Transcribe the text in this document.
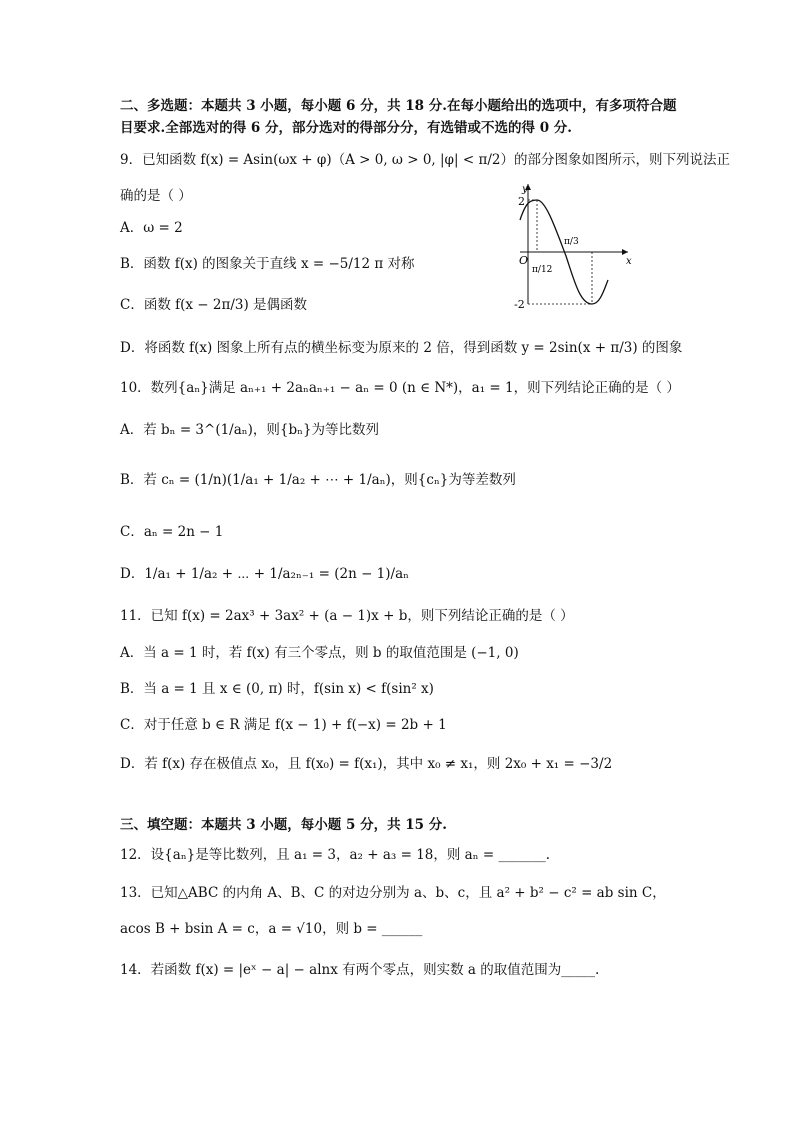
二、多选题：本题共 3 小题，每小题 6 分，共 18 分.在每小题给出的选项中，有多项符合题
目要求.全部选对的得 6 分，部分选对的得部分分，有选错或不选的得 0 分.
9．已知函数 f(x) = Asin(ωx + φ)（A > 0, ω > 0, |φ| < π/2）的部分图象如图所示，则下列说法正
确的是（ ）
A．ω = 2
B．函数 f(x) 的图象关于直线 x = −5/12 π 对称
C．函数 f(x − 2π/3) 是偶函数
D．将函数 f(x) 图象上所有点的横坐标变为原来的 2 倍，得到函数 y = 2sin(x + π/3) 的图象
y
x
O
2
-2
π/12
π/3
10．数列{aₙ}满足 aₙ₊₁ + 2aₙaₙ₊₁ − aₙ = 0 (n ∈ N*)，a₁ = 1，则下列结论正确的是（ ）
A．若 bₙ = 3^(1/aₙ)，则{bₙ}为等比数列
B．若 cₙ = (1/n)(1/a₁ + 1/a₂ + ⋯ + 1/aₙ)，则{cₙ}为等差数列
C．aₙ = 2n − 1
D．1/a₁ + 1/a₂ + ⋯ + 1/a₂ₙ₋₁ = (2n − 1)/aₙ
11．已知 f(x) = 2ax³ + 3ax² + (a − 1)x + b，则下列结论正确的是（ ）
A．当 a = 1 时，若 f(x) 有三个零点，则 b 的取值范围是 (−1, 0)
B．当 a = 1 且 x ∈ (0, π) 时，f(sin x) < f(sin² x)
C．对于任意 b ∈ R 满足 f(x − 1) + f(−x) = 2b + 1
D．若 f(x) 存在极值点 x₀，且 f(x₀) = f(x₁)，其中 x₀ ≠ x₁，则 2x₀ + x₁ = −3/2
三、填空题：本题共 3 小题，每小题 5 分，共 15 分.
12．设{aₙ}是等比数列，且 a₁ = 3，a₂ + a₃ = 18，则 aₙ = _______.
13．已知△ABC 的内角 A、B、C 的对边分别为 a、b、c，且 a² + b² − c² = ab sin C，
acos B + bsin A = c，a = √10，则 b = ______
14．若函数 f(x) = |eˣ − a| − alnx 有两个零点，则实数 a 的取值范围为_____.
